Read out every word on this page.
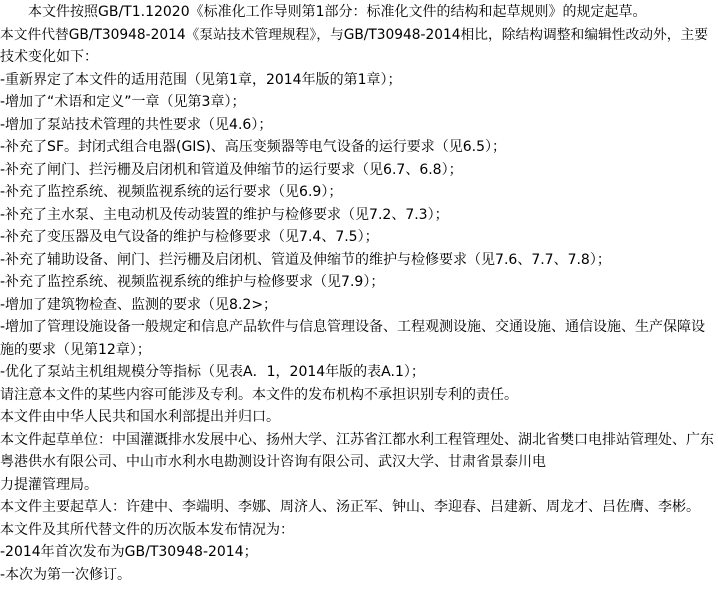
本文件按照GB/T1.12020《标准化工作导则第1部分：标准化文件的结构和起草规则》的规定起草。
本文件代替GB/T30948-2014《泵站技术管理规程》，与GB/T30948-2014相比，除结构调整和编辑性改动外，主要
技术变化如下：
-重新界定了本文件的适用范围（见第1章，2014年版的第1章）；
-增加了“术语和定义”一章（见第3章）；
-增加了泵站技术管理的共性要求（见4.6）；
-补充了SF。封闭式组合电器(GIS)、高压变频器等电气设备的运行要求（见6.5）；
-补充了闸门、拦污栅及启闭机和管道及伸缩节的运行要求（见6.7、6.8）；
-补充了监控系统、视频监视系统的运行要求（见6.9）；
-补充了主水泵、主电动机及传动装置的维护与检修要求（见7.2、7.3）；
-补充了变压器及电气设备的维护与检修要求（见7.4、7.5）；
-补充了辅助设备、闸门、拦污栅及启闭机、管道及伸缩节的维护与检修要求（见7.6、7.7、7.8）；
-补充了监控系统、视频监视系统的维护与检修要求（见7.9）；
-增加了建筑物检查、监测的要求（见8.2>；
-增加了管理设施设备一般规定和信息产品软件与信息管理设备、工程观测设施、交通设施、通信设施、生产保障设
施的要求（见第12章）；
-优化了泵站主机组规模分等指标（见表A．1，2014年版的表A.1）；
请注意本文件的某些内容可能涉及专利。本文件的发布机构不承担识别专利的责任。
本文件由中华人民共和国水利部提出并归口。
本文件起草单位：中国灌溉排水发展中心、扬州大学、江苏省江都水利工程管理处、湖北省樊口电排站管理处、广东
粤港供水有限公司、中山市水利水电勘测设计咨询有限公司、武汉大学、甘肃省景泰川电
力提灌管理局。
本文件主要起草人：许建中、李端明、李娜、周济人、汤正军、钟山、李迎春、吕建新、周龙才、吕佐膺、李彬。
本文件及其所代替文件的历次版本发布情况为：
-2014年首次发布为GB/T30948-2014；
-本次为第一次修订。
